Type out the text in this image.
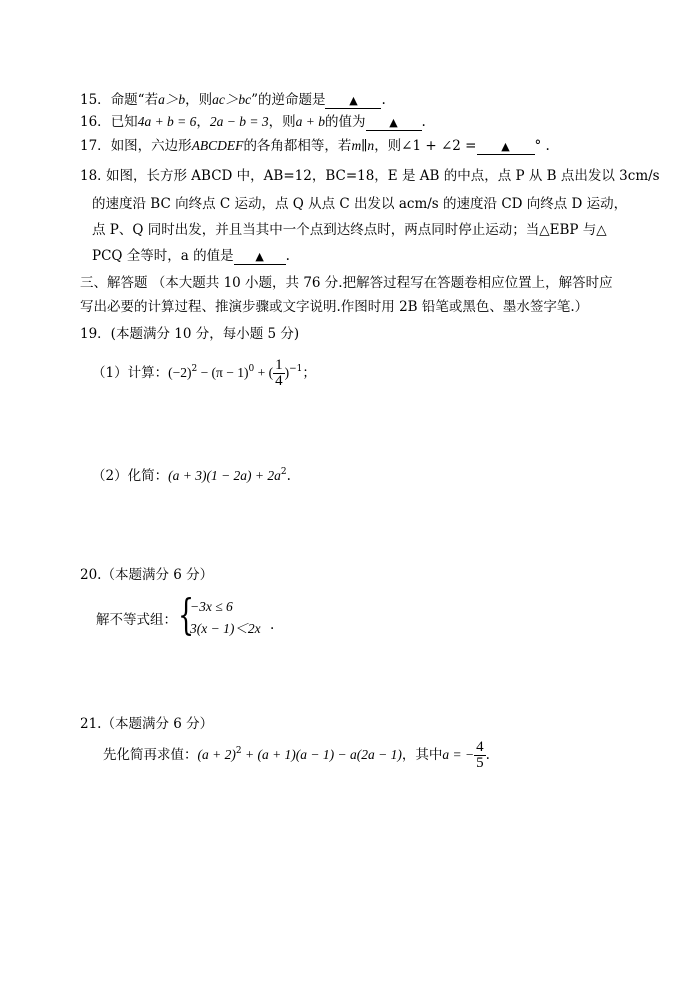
15．命题“若a＞b，则ac＞bc”的逆命题是 ▲ .
16．已知4a + b = 6，2a − b = 3，则a + b的值为 ▲ .
17．如图，六边形ABCDEF的各角都相等，若m∥n，则∠1 + ∠2 = ▲ ° .
18．
如图，长方形 ABCD 中，AB=12，BC=18，E 是 AB 的中点，点 P 从 B 点出发以 3cm/s
的速度沿 BC 向终点 C 运动，点 Q 从点 C 出发以 acm/s 的速度沿 CD 向终点 D 运动，
点 P、Q 同时出发，并且当其中一个点到达终点时，两点同时停止运动；当△EBP 与△
PCQ 全等时，a 的值是 ▲ .
三、解答题 （本大题共 10 小题，共 76 分.把解答过程写在答题卷相应位置上，解答时应
写出必要的计算过程、推演步骤或文字说明.作图时用 2B 铅笔或黑色、墨水签字笔.）
19．(本题满分 10 分，每小题 5 分)
（1）计算：$(-2)^2 - (\pi - 1)^0$ + ( $\frac{1}{4} )^{-1}$；
（2）化简：$(a + 3)(1 - 2a) + 2a^2$.
20.（本题满分 6 分）
解不等式组： {
−3x ≤ 6
3(x − 1)＜2x .
21.（本题满分 6 分）
先化简再求值：$(a + 2)^2 + (a + 1)(a - 1) - a(2a - 1)$，其中a = − $\frac{4}{5}$ .
